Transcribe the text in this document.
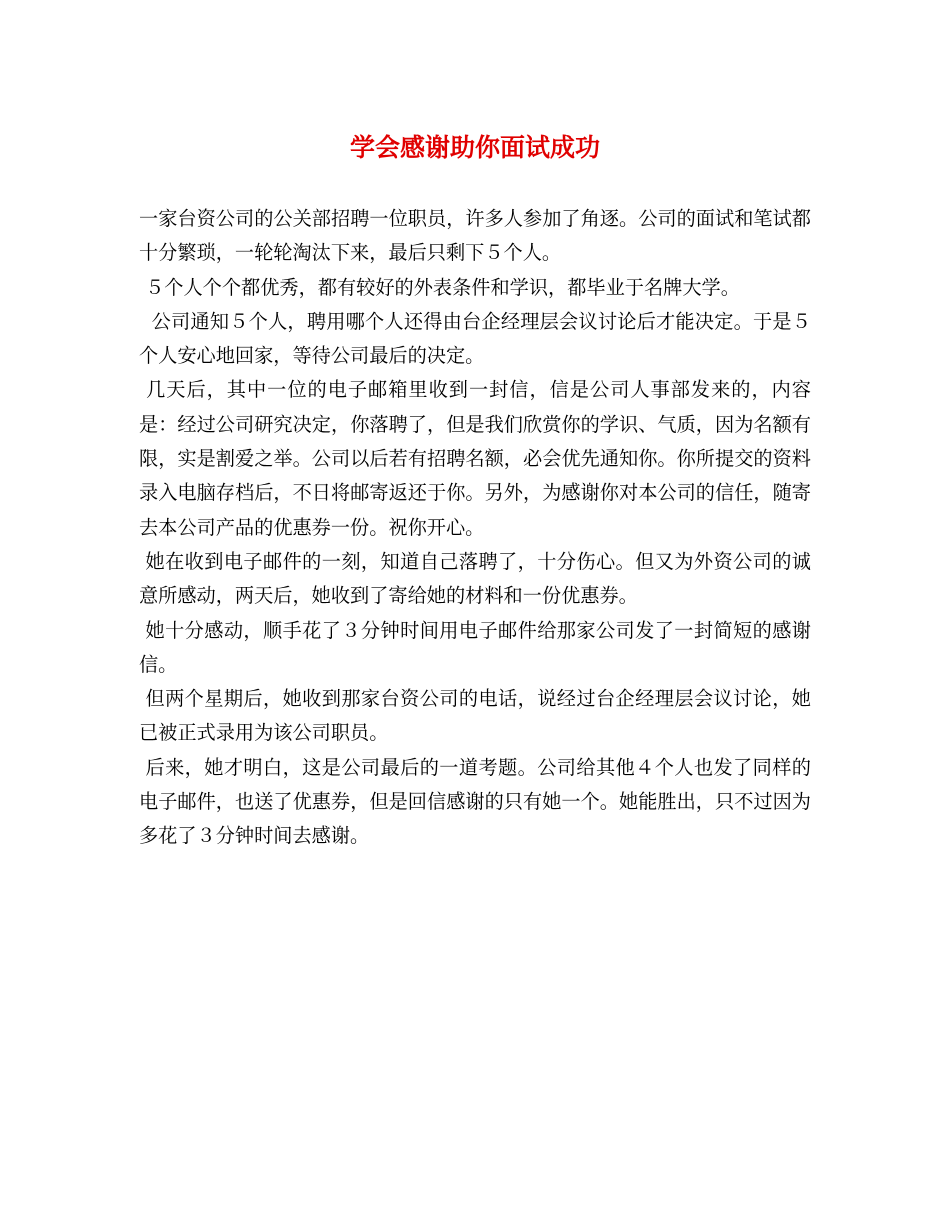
学会感谢助你面试成功

一家台资公司的公关部招聘一位职员，许多人参加了角逐。公司的面试和笔试都十分繁琐，一轮轮淘汰下来，最后只剩下５个人。

５个人个个都优秀，都有较好的外表条件和学识，都毕业于名牌大学。

公司通知５个人，聘用哪个人还得由台企经理层会议讨论后才能决定。于是５个人安心地回家，等待公司最后的决定。

几天后，其中一位的电子邮箱里收到一封信，信是公司人事部发来的，内容是：经过公司研究决定，你落聘了，但是我们欣赏你的学识、气质，因为名额有限，实是割爱之举。公司以后若有招聘名额，必会优先通知你。你所提交的资料录入电脑存档后，不日将邮寄返还于你。另外，为感谢你对本公司的信任，随寄去本公司产品的优惠券一份。祝你开心。

她在收到电子邮件的一刻，知道自己落聘了，十分伤心。但又为外资公司的诚意所感动，两天后，她收到了寄给她的材料和一份优惠券。

她十分感动，顺手花了３分钟时间用电子邮件给那家公司发了一封简短的感谢信。

但两个星期后，她收到那家台资公司的电话，说经过台企经理层会议讨论，她已被正式录用为该公司职员。

后来，她才明白，这是公司最后的一道考题。公司给其他４个人也发了同样的电子邮件，也送了优惠券，但是回信感谢的只有她一个。她能胜出，只不过因为多花了３分钟时间去感谢。
